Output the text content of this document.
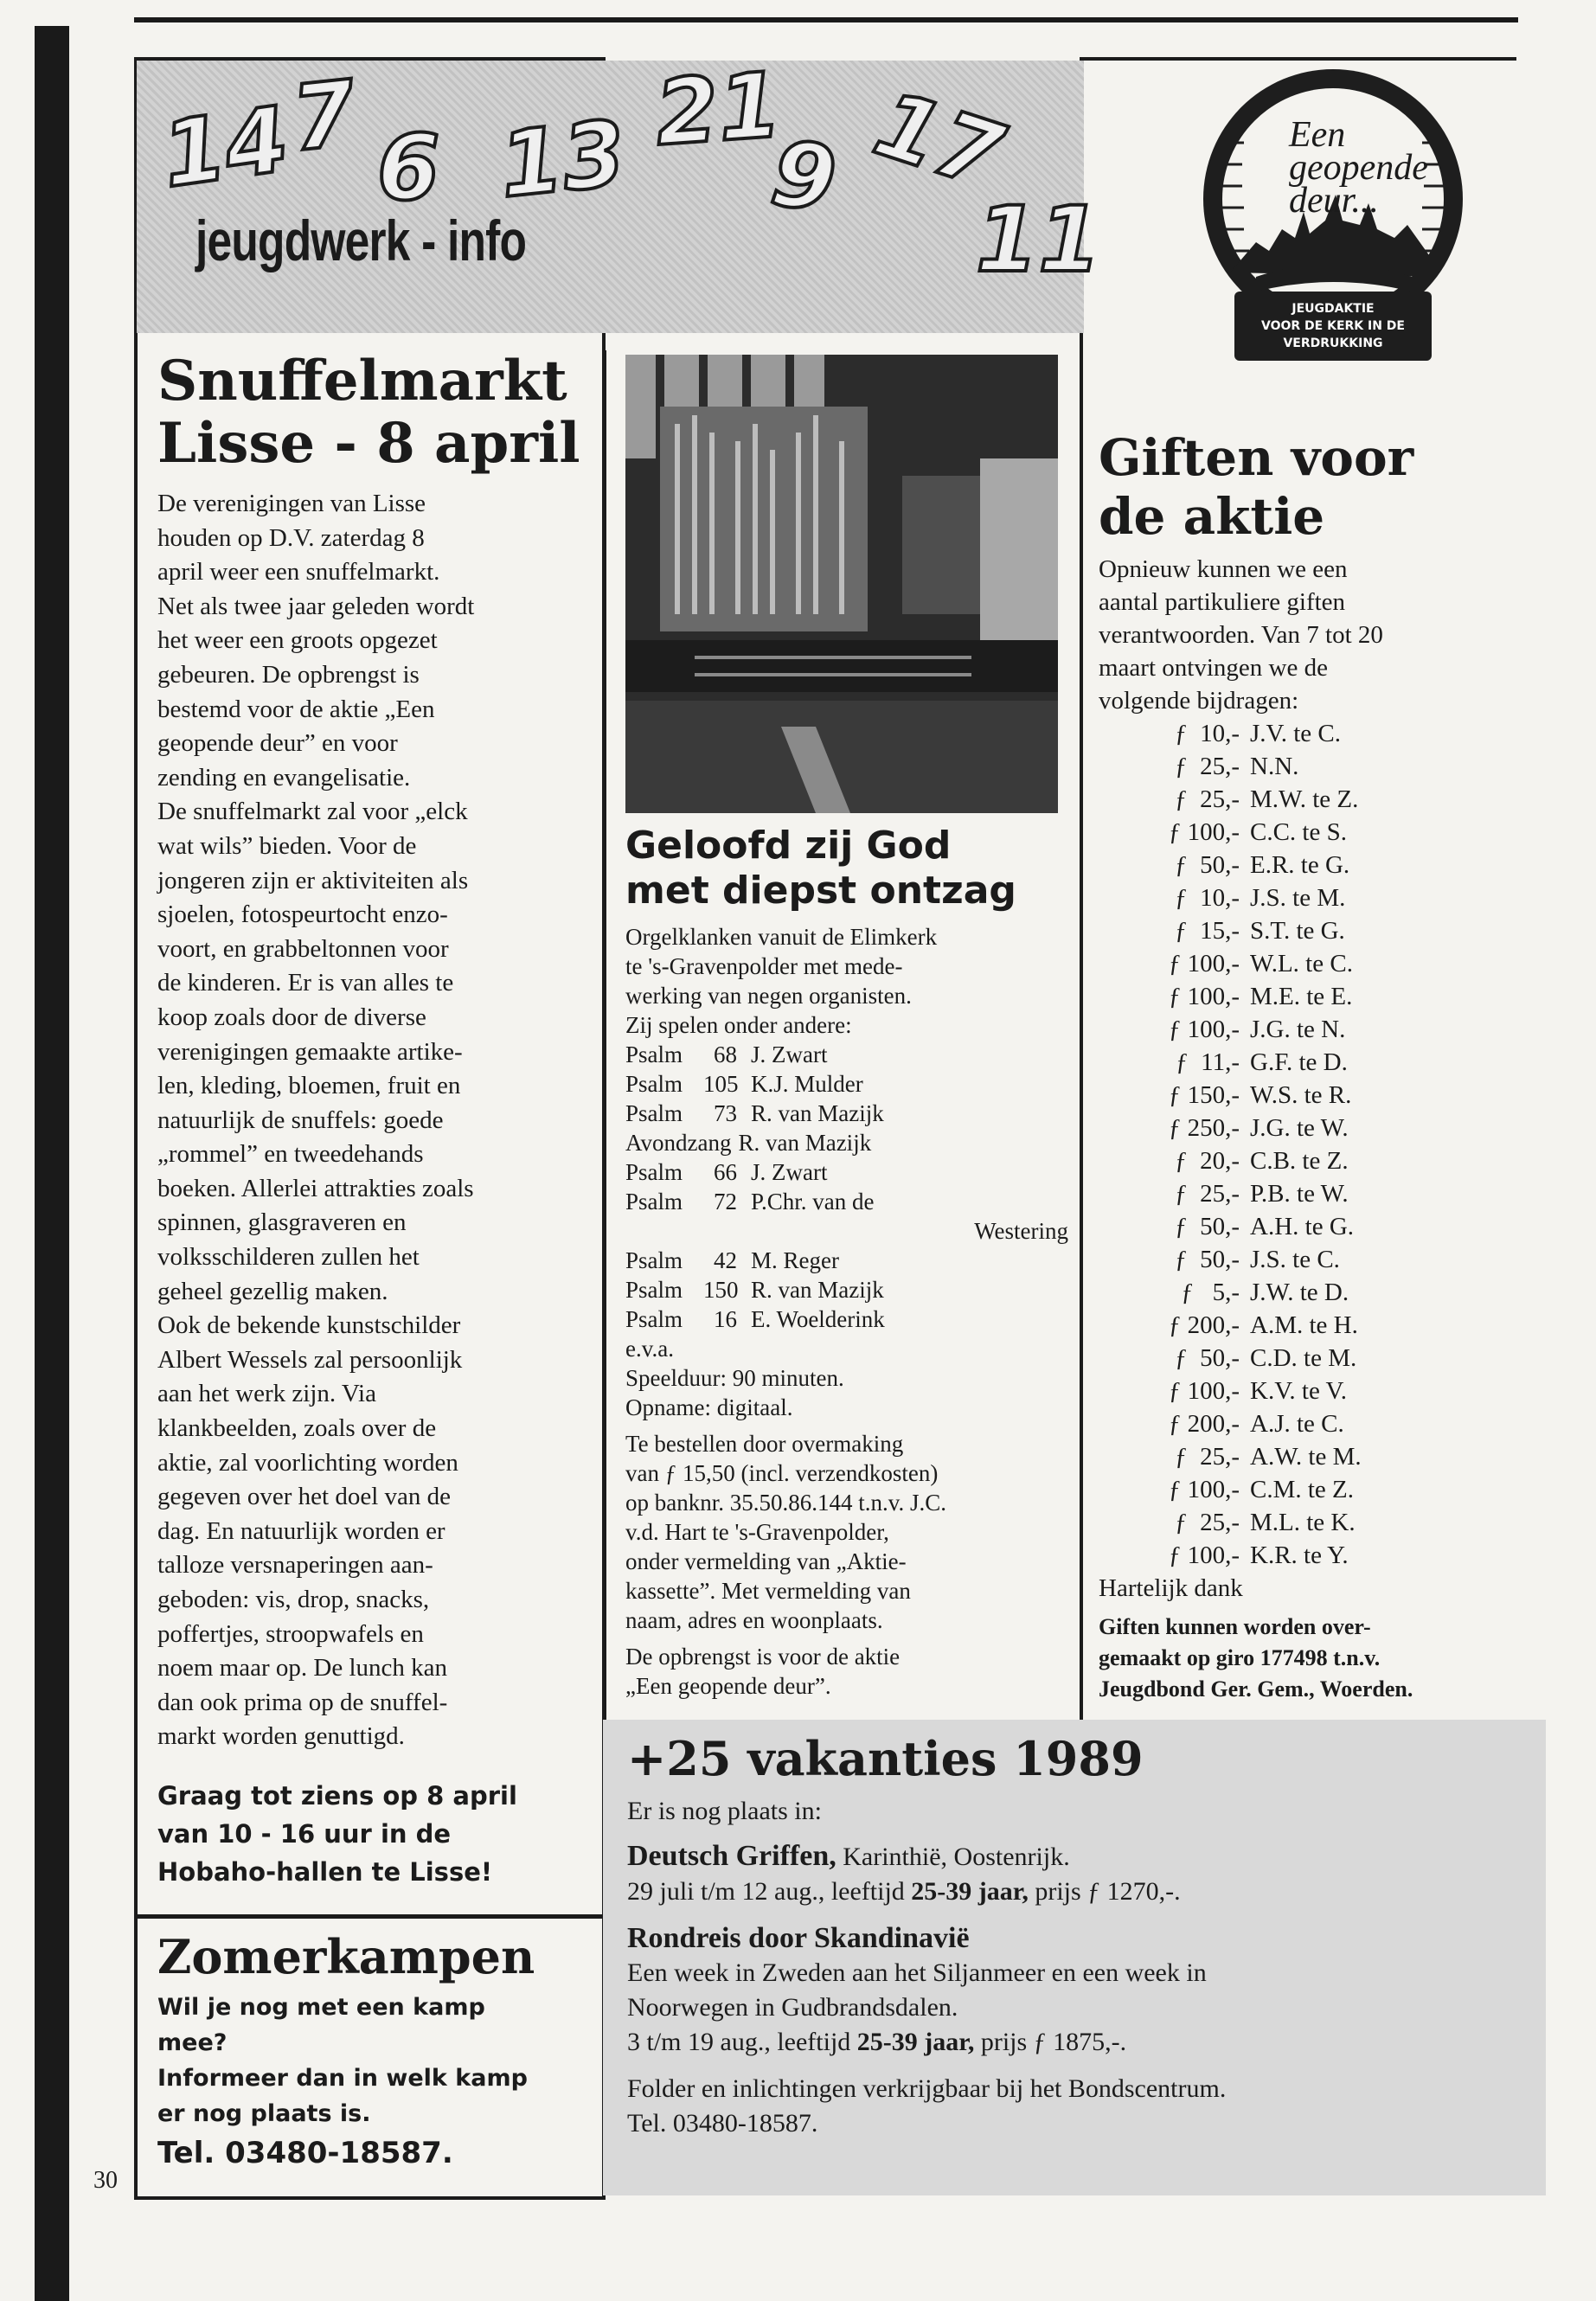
14
7 6 13 21
9 17
11
jeugdwerk - info
Een
geopende
deur...
JEUGDAKTIE
VOOR DE KERK IN DE
VERDRUKKING
Snuffelmarkt
Lisse - 8 april
De verenigingen van Lisse
houden op D.V. zaterdag 8
april weer een snuffelmarkt.
Net als twee jaar geleden wordt
het weer een groots opgezet
gebeuren. De opbrengst is
bestemd voor de aktie „Een
geopende deur” en voor
zending en evangelisatie.
De snuffelmarkt zal voor „elck
wat wils” bieden. Voor de
jongeren zijn er aktiviteiten als
sjoelen, fotospeurtocht enzo-
voort, en grabbeltonnen voor
de kinderen. Er is van alles te
koop zoals door de diverse
verenigingen gemaakte artike-
len, kleding, bloemen, fruit en
natuurlijk de snuffels: goede
„rommel” en tweedehands
boeken. Allerlei attrakties zoals
spinnen, glasgraveren en
volksschilderen zullen het
geheel gezellig maken.
Ook de bekende kunstschilder
Albert Wessels zal persoonlijk
aan het werk zijn. Via
klankbeelden, zoals over de
aktie, zal voorlichting worden
gegeven over het doel van de
dag. En natuurlijk worden er
talloze versnaperingen aan-
geboden: vis, drop, snacks,
poffertjes, stroopwafels en
noem maar op. De lunch kan
dan ook prima op de snuffel-
markt worden genuttigd.
Graag tot ziens op 8 april
van 10 - 16 uur in de
Hobaho-hallen te Lisse!
Zomerkampen
Wil je nog met een kamp
mee?
Informeer dan in welk kamp
er nog plaats is.
Tel. 03480-18587.
30
Geloofd zij God
met diepst ontzag
Orgelklanken vanuit de Elimkerk
te 's-Gravenpolder met mede-
werking van negen organisten.
Zij spelen onder andere:
Psalm	68 J. Zwart
Psalm 105 K.J. Mulder
Psalm	73 R. van Mazijk
Avondzang R. van Mazijk
Psalm	66 J. Zwart
Psalm	72 P.Chr. van de
Westering
Psalm	42 M. Reger
Psalm 150 R. van Mazijk
Psalm	16 E. Woelderink
e.v.a.
Speelduur: 90 minuten.
Opname: digitaal.
Te bestellen door overmaking
van ƒ 15,50 (incl. verzendkosten)
op banknr. 35.50.86.144 t.n.v. J.C.
v.d. Hart te 's-Gravenpolder,
onder vermelding van „Aktie-
kassette”. Met vermelding van
naam, adres en woonplaats.
De opbrengst is voor de aktie
„Een geopende deur”.
Giften voor
de aktie
Opnieuw kunnen we een
aantal partikuliere giften
verantwoorden. Van 7 tot 20
maart ontvingen we de
volgende bijdragen:
ƒ  10,- J.V. te C.
ƒ  25,- N.N.
ƒ  25,- M.W. te Z.
ƒ 100,- C.C. te S.
ƒ  50,- E.R. te G.
ƒ  10,- J.S. te M.
ƒ  15,- S.T. te G.
ƒ 100,- W.L. te C.
ƒ 100,- M.E. te E.
ƒ 100,- J.G. te N.
ƒ  11,- G.F. te D.
ƒ 150,- W.S. te R.
ƒ 250,- J.G. te W.
ƒ  20,- C.B. te Z.
ƒ  25,- P.B. te W.
ƒ  50,- A.H. te G.
ƒ  50,- J.S. te C.
ƒ   5,- J.W. te D.
ƒ 200,- A.M. te H.
ƒ  50,- C.D. te M.
ƒ 100,- K.V. te V.
ƒ 200,- A.J. te C.
ƒ  25,- A.W. te M.
ƒ 100,- C.M. te Z.
ƒ  25,- M.L. te K.
ƒ 100,- K.R. te Y.
Hartelijk dank
Giften kunnen worden over-
gemaakt op giro 177498 t.n.v.
Jeugdbond Ger. Gem., Woerden.
+25 vakanties 1989
Er is nog plaats in:
Deutsch Griffen, Karinthië, Oostenrijk.
29 juli t/m 12 aug., leeftijd 25-39 jaar, prijs ƒ 1270,-.
Rondreis door Skandinavië
Een week in Zweden aan het Siljanmeer en een week in
Noorwegen in Gudbrandsdalen.
3 t/m 19 aug., leeftijd 25-39 jaar, prijs ƒ 1875,-.
Folder en inlichtingen verkrijgbaar bij het Bondscentrum.
Tel. 03480-18587.
